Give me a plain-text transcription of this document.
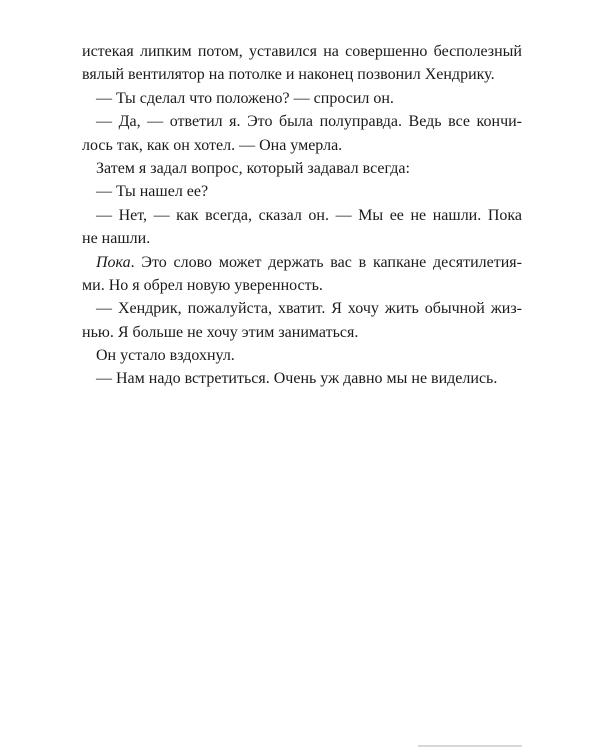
истекая липким потом, уставился на совершенно бесполезный
вялый вентилятор на потолке и наконец позвонил Хендрику.
— Ты сделал что положено? — спросил он.
— Да, — ответил я. Это была полуправда. Ведь все кончи-
лось так, как он хотел. — Она умерла.
Затем я задал вопрос, который задавал всегда:
— Ты нашел ее?
— Нет, — как всегда, сказал он. — Мы ее не нашли. Пока
не нашли.
Пока. Это слово может держать вас в капкане десятилетия-
ми. Но я обрел новую уверенность.
— Хендрик, пожалуйста, хватит. Я хочу жить обычной жиз-
нью. Я больше не хочу этим заниматься.
Он устало вздохнул.
— Нам надо встретиться. Очень уж давно мы не виделись.
